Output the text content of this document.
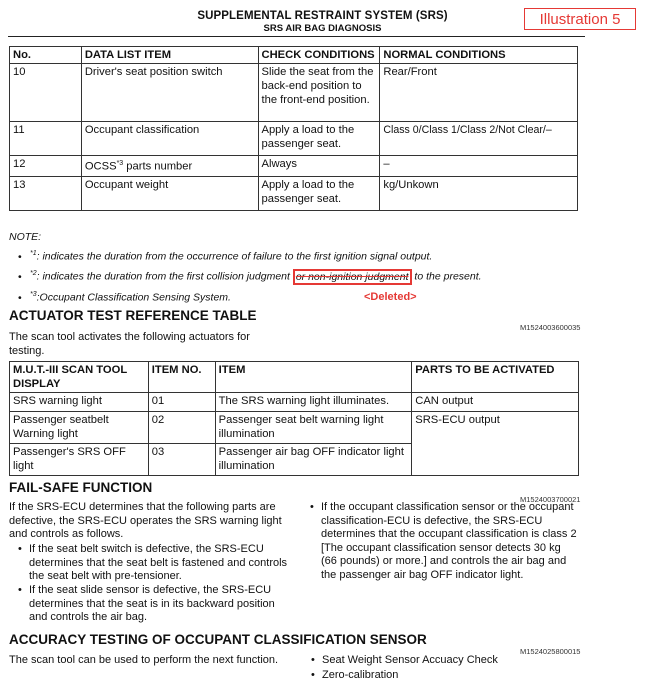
SUPPLEMENTAL RESTRAINT SYSTEM (SRS)
SRS AIR BAG DIAGNOSIS
Illustration 5
No.	DATA LIST ITEM	CHECK CONDITIONS	NORMAL CONDITIONS
10	Driver's seat position switch	Slide the seat from the back-end position to the front-end position.	Rear/Front
11	Occupant classification	Apply a load to the passenger seat.	Class 0/Class 1/Class 2/Not Clear/–
12	OCSS$^{*3}$ parts number	Always	–
13	Occupant weight	Apply a load to the passenger seat.	kg/Unkown
NOTE:
• $^{*1}$: indicates the duration from the occurrence of failure to the first ignition signal output.
• $^{*2}$: indicates the duration from the first collision judgment or non-ignition judgment to the present.
• $^{*3}$:Occupant Classification Sensing System.	<Deleted>
ACTUATOR TEST REFERENCE TABLE
M1524003600035
The scan tool activates the following actuators for testing.
M.U.T.-III SCAN TOOL DISPLAY	ITEM NO.	ITEM	PARTS TO BE ACTIVATED
SRS warning light	01	The SRS warning light illuminates.	CAN output
Passenger seatbelt Warning light	02	Passenger seat belt warning light illumination	SRS-ECU output
Passenger's SRS OFF light	03	Passenger air bag OFF indicator light illumination	
FAIL-SAFE FUNCTION
M1524003700021
If the SRS-ECU determines that the following parts are defective, the SRS-ECU operates the SRS warning light and controls as follows.
• If the seat belt switch is defective, the SRS-ECU determines that the seat belt is fastened and controls the seat belt with pre-tensioner.
• If the seat slide sensor is defective, the SRS-ECU determines that the seat is in its backward position and controls the air bag.
• If the occupant classification sensor or the occupant classification-ECU is defective, the SRS-ECU determines that the occupant classification is class 2 [The occupant classification sensor detects 30 kg (66 pounds) or more.] and controls the air bag and the passenger air bag OFF indicator light.
ACCURACY TESTING OF OCCUPANT CLASSIFICATION SENSOR
M1524025800015
The scan tool can be used to perform the next function.	• Seat Weight Sensor Accuacy Check
• Zero-calibration
